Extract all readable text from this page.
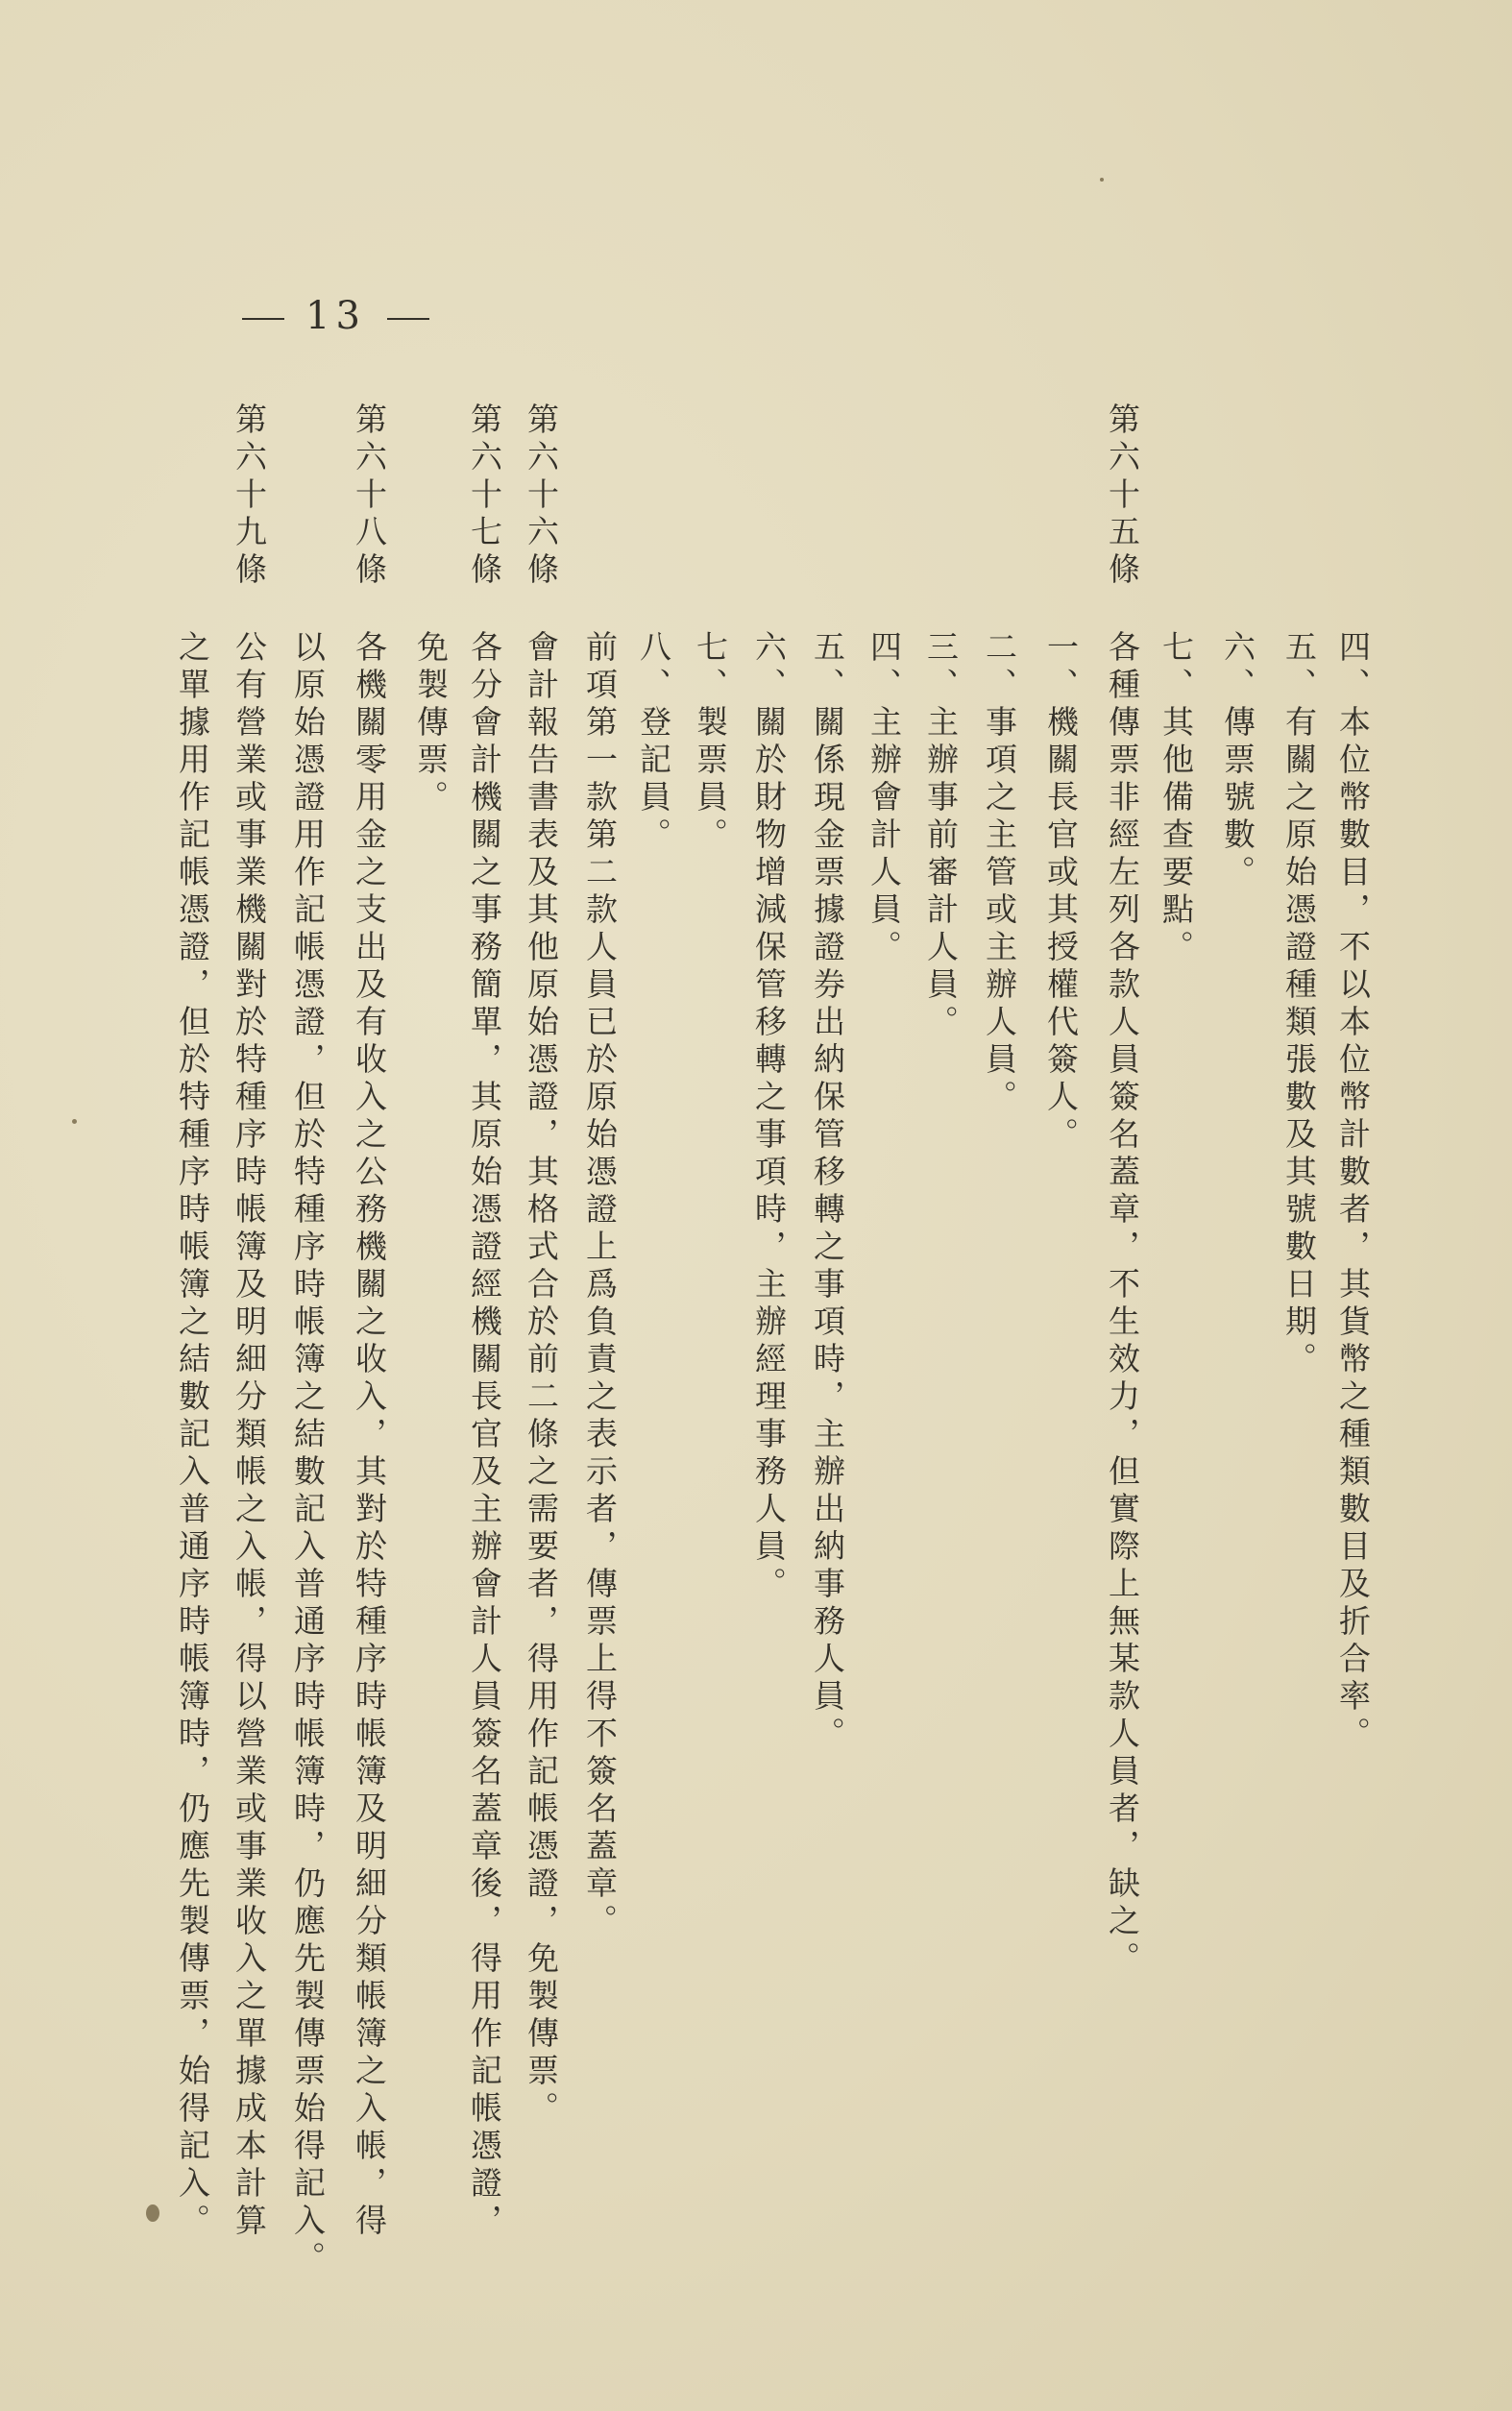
13
四、本位幣數目，不以本位幣計數者，其貨幣之種類數目及折合率。
五、有關之原始憑證種類張數及其號數日期。
六、傳票號數。
七、其他備查要點。
第六十五條
各種傳票非經左列各款人員簽名蓋章，不生效力，但實際上無某款人員者，缺之。
一、機關長官或其授權代簽人。
二、事項之主管或主辦人員。
三、主辦事前審計人員。
四、主辦會計人員。
五、關係現金票據證券出納保管移轉之事項時，主辦出納事務人員。
六、關於財物增減保管移轉之事項時，主辦經理事務人員。
七、製票員。
八、登記員。
前項第一款第二款人員已於原始憑證上爲負責之表示者，傳票上得不簽名蓋章。
第六十六條
會計報告書表及其他原始憑證，其格式合於前二條之需要者，得用作記帳憑證，免製傳票。
第六十七條
各分會計機關之事務簡單，其原始憑證經機關長官及主辦會計人員簽名蓋章後，得用作記帳憑證，
免製傳票。
第六十八條
各機關零用金之支出及有收入之公務機關之收入，其對於特種序時帳簿及明細分類帳簿之入帳，得
以原始憑證用作記帳憑證，但於特種序時帳簿之結數記入普通序時帳簿時，仍應先製傳票始得記入。
第六十九條
公有營業或事業機關對於特種序時帳簿及明細分類帳之入帳，得以營業或事業收入之單據成本計算
之單據用作記帳憑證，但於特種序時帳簿之結數記入普通序時帳簿時，仍應先製傳票，始得記入。
